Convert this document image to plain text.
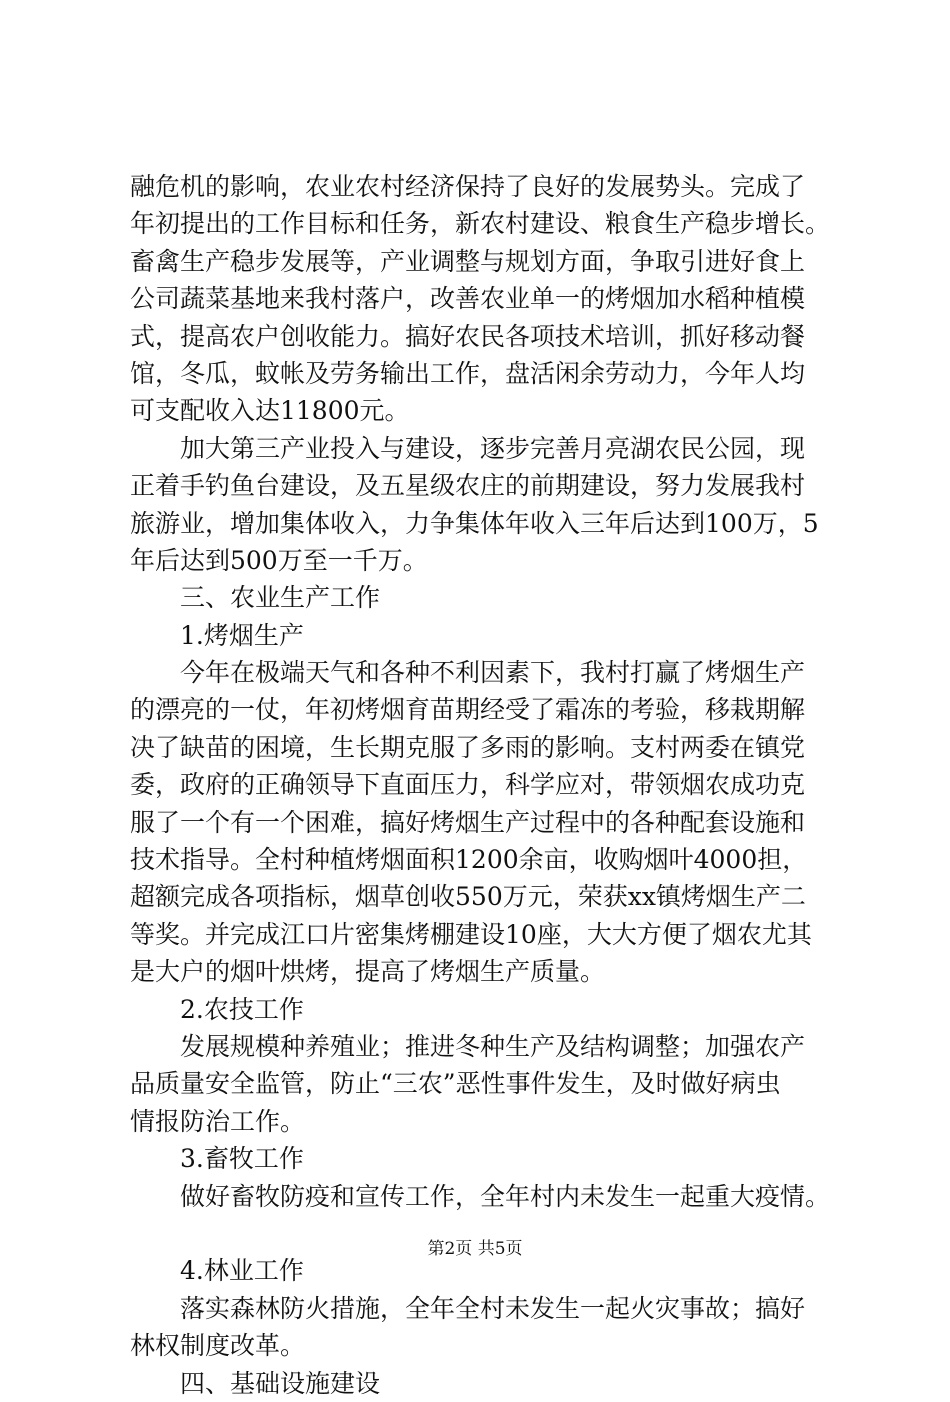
融危机的影响，农业农村经济保持了良好的发展势头。完成了
年初提出的工作目标和任务，新农村建设、粮食生产稳步增长。
畜禽生产稳步发展等，产业调整与规划方面，争取引进好食上
公司蔬菜基地来我村落户，改善农业单一的烤烟加水稻种植模
式，提高农户创收能力。搞好农民各项技术培训，抓好移动餐
馆，冬瓜，蚊帐及劳务输出工作，盘活闲余劳动力，今年人均
可支配收入达11800元。
加大第三产业投入与建设，逐步完善月亮湖农民公园，现
正着手钓鱼台建设，及五星级农庄的前期建设，努力发展我村
旅游业，增加集体收入，力争集体年收入三年后达到100万，5
年后达到500万至一千万。
三、农业生产工作
1.烤烟生产
今年在极端天气和各种不利因素下，我村打赢了烤烟生产
的漂亮的一仗，年初烤烟育苗期经受了霜冻的考验，移栽期解
决了缺苗的困境，生长期克服了多雨的影响。支村两委在镇党
委，政府的正确领导下直面压力，科学应对，带领烟农成功克
服了一个有一个困难，搞好烤烟生产过程中的各种配套设施和
技术指导。全村种植烤烟面积1200余亩，收购烟叶4000担，
超额完成各项指标，烟草创收550万元，荣获xx镇烤烟生产二
等奖。并完成江口片密集烤棚建设10座，大大方便了烟农尤其
是大户的烟叶烘烤，提高了烤烟生产质量。
2.农技工作
发展规模种养殖业；推进冬种生产及结构调整；加强农产
品质量安全监管，防止“三农”恶性事件发生，及时做好病虫
情报防治工作。
3.畜牧工作
做好畜牧防疫和宣传工作，全年村内未发生一起重大疫情。
4.林业工作
落实森林防火措施，全年全村未发生一起火灾事故；搞好
林权制度改革。
四、基础设施建设
第2页 共5页
